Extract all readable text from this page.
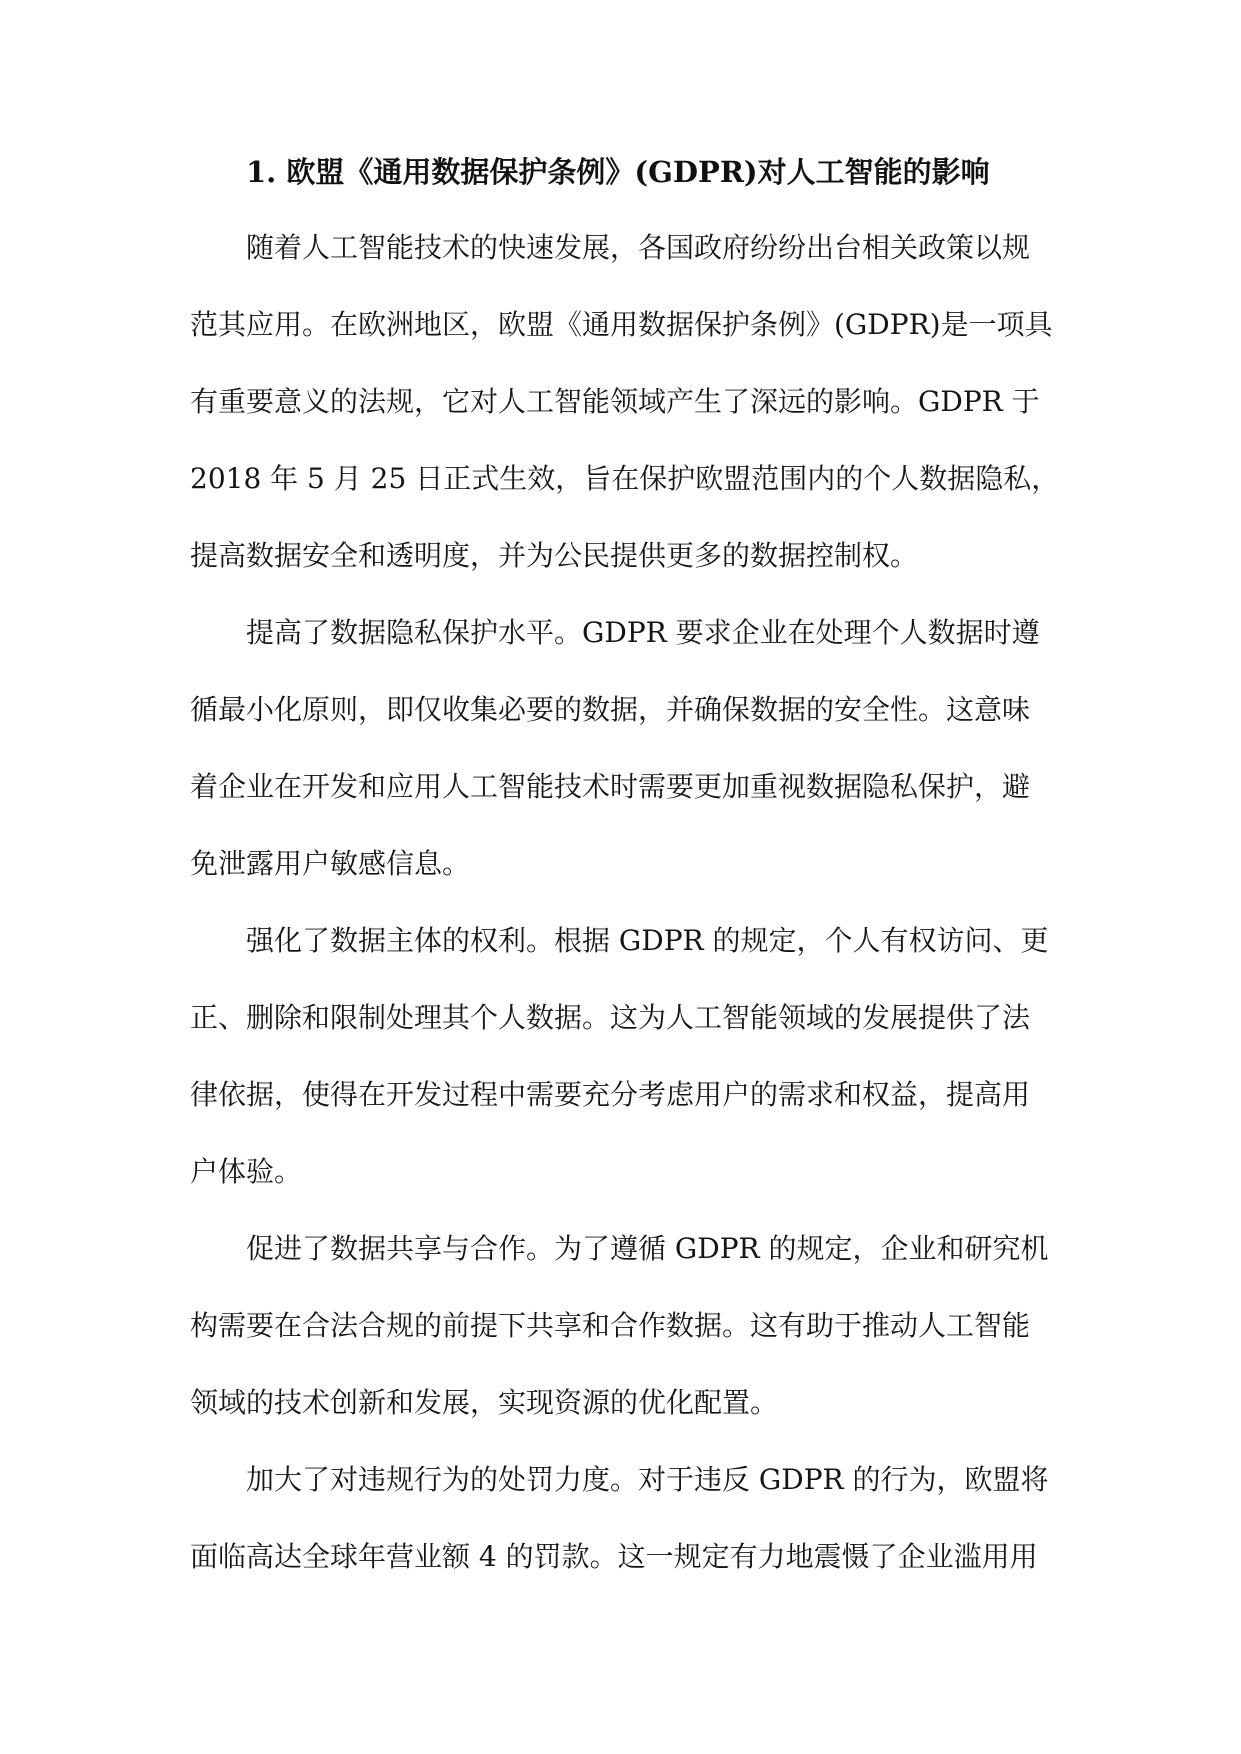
1. 欧盟《通用数据保护条例》(GDPR)对人工智能的影响

随着人工智能技术的快速发展，各国政府纷纷出台相关政策以规

范其应用。在欧洲地区，欧盟《通用数据保护条例》(GDPR)是一项具

有重要意义的法规，它对人工智能领域产生了深远的影响。GDPR 于

2018 年 5 月 25 日正式生效，旨在保护欧盟范围内的个人数据隐私，

提高数据安全和透明度，并为公民提供更多的数据控制权。

提高了数据隐私保护水平。GDPR 要求企业在处理个人数据时遵

循最小化原则，即仅收集必要的数据，并确保数据的安全性。这意味

着企业在开发和应用人工智能技术时需要更加重视数据隐私保护，避

免泄露用户敏感信息。

强化了数据主体的权利。根据 GDPR 的规定，个人有权访问、更

正、删除和限制处理其个人数据。这为人工智能领域的发展提供了法

律依据，使得在开发过程中需要充分考虑用户的需求和权益，提高用

户体验。

促进了数据共享与合作。为了遵循 GDPR 的规定，企业和研究机

构需要在合法合规的前提下共享和合作数据。这有助于推动人工智能

领域的技术创新和发展，实现资源的优化配置。

加大了对违规行为的处罚力度。对于违反 GDPR 的行为，欧盟将

面临高达全球年营业额 4 的罚款。这一规定有力地震慑了企业滥用用
